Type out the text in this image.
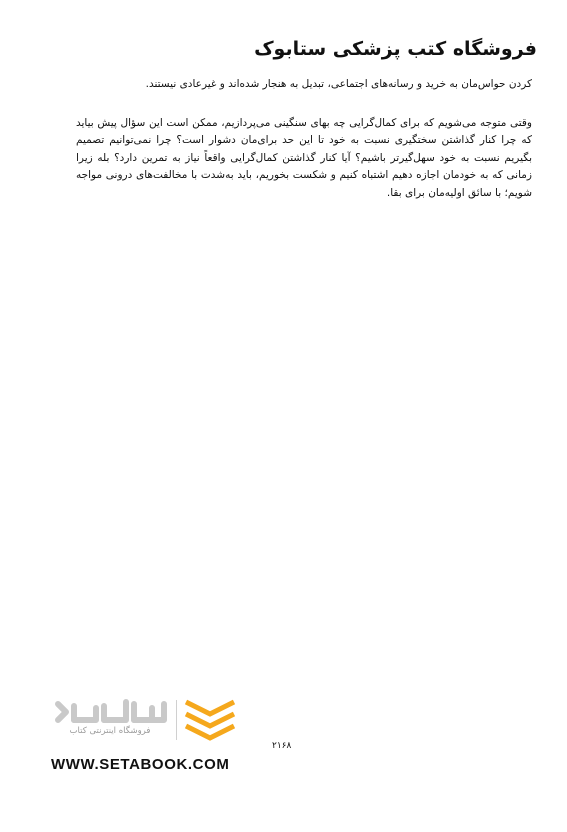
فروشگاه کتب پزشکی ستابوک

کردن حواس‌مان به خرید و رسانه‌های اجتماعی، تبدیل به هنجار شده‌اند و غیرعادی نیستند.

وقتی متوجه می‌شویم که برای کمال‌گرایی چه بهای سنگینی می‌پردازیم، ممکن است این سؤال پیش بیاید که چرا کنار گذاشتن سختگیری نسبت به خود تا این حد برای‌مان دشوار است؟ چرا نمی‌توانیم تصمیم بگیریم نسبت به خود سهل‌گیرتر باشیم؟ آیا کنار گذاشتن کمال‌گرایی واقعاً نیاز به تمرین دارد؟ بله زیرا زمانی که به خودمان اجازه دهیم اشتباه کنیم و شکست بخوریم، باید به‌شدت با مخالفت‌های درونی مواجه شویم؛ با سائق اولیه‌مان برای بقا.

فروشگاه اینترنتی کتاب
۲۱۶۸
WWW.SETABOOK.COM
